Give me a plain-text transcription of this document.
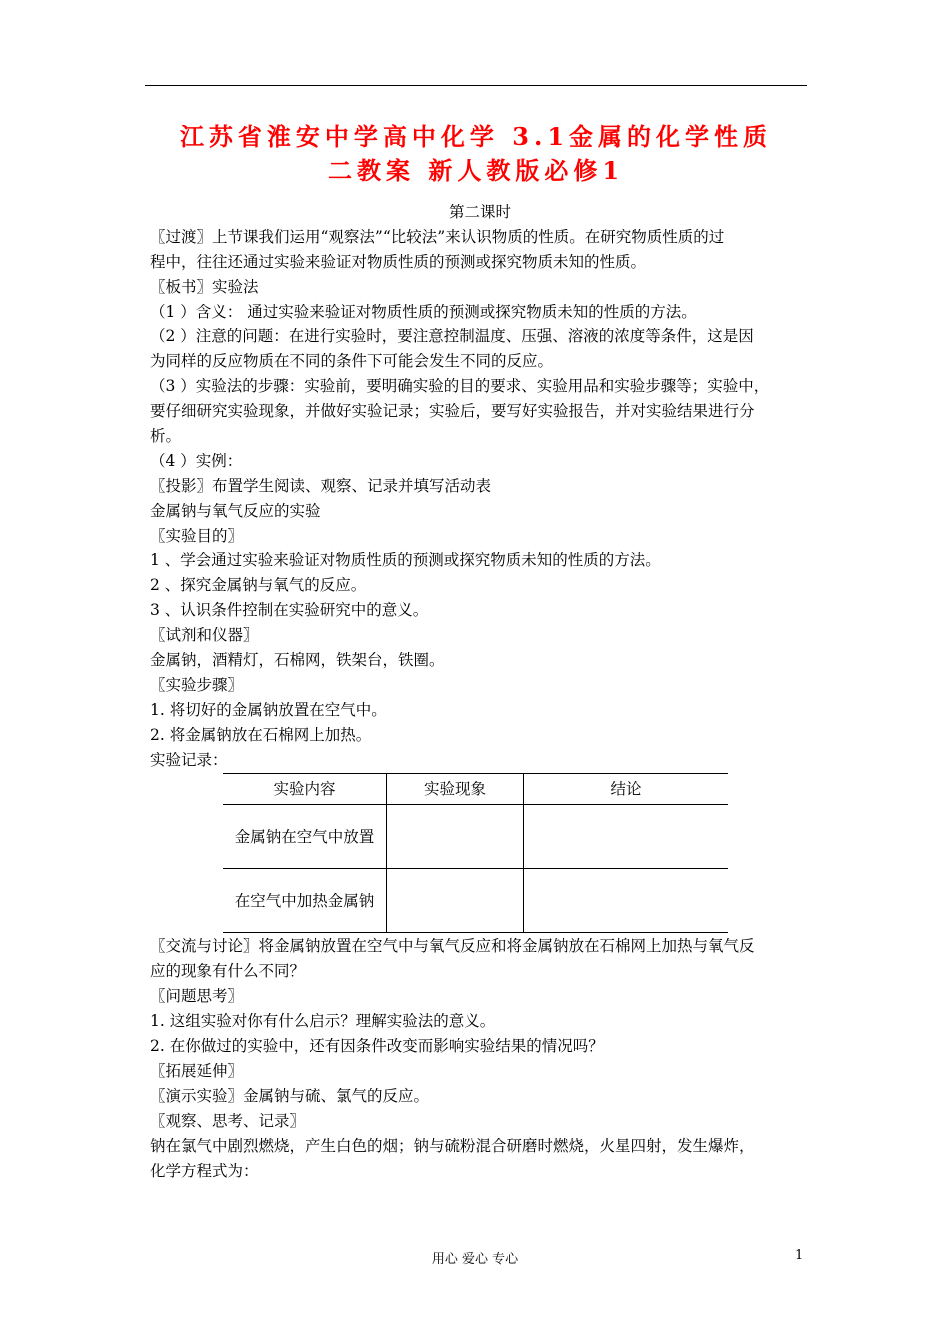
江苏省淮安中学高中化学 3.1金属的化学性质
二教案 新人教版必修1
第二课时
〖过渡〗上节课我们运用“观察法”“比较法”来认识物质的性质。在研究物质性质的过
程中，往往还通过实验来验证对物质性质的预测或探究物质未知的性质。
〖板书〗实验法
（1 ）含义： 通过实验来验证对物质性质的预测或探究物质未知的性质的方法。
（2 ）注意的问题：在进行实验时，要注意控制温度、压强、溶液的浓度等条件，这是因
为同样的反应物质在不同的条件下可能会发生不同的反应。
（3 ）实验法的步骤：实验前，要明确实验的目的要求、实验用品和实验步骤等；实验中，
要仔细研究实验现象，并做好实验记录；实验后，要写好实验报告，并对实验结果进行分
析。
（4 ）实例：
〖投影〗布置学生阅读、观察、记录并填写活动表
金属钠与氧气反应的实验
〖实验目的〗
1 、学会通过实验来验证对物质性质的预测或探究物质未知的性质的方法。
2 、探究金属钠与氧气的反应。
3 、认识条件控制在实验研究中的意义。
〖试剂和仪器〗
金属钠，酒精灯，石棉网，铁架台，铁圈。
〖实验步骤〗
1. 将切好的金属钠放置在空气中。
2. 将金属钠放在石棉网上加热。
实验记录：
实验内容	实验现象	结论
金属钠在空气中放置		
在空气中加热金属钠		
〖交流与讨论〗将金属钠放置在空气中与氧气反应和将金属钠放在石棉网上加热与氧气反
应的现象有什么不同？
〖问题思考〗
1. 这组实验对你有什么启示？理解实验法的意义。
2. 在你做过的实验中，还有因条件改变而影响实验结果的情况吗？
〖拓展延伸〗
〖演示实验〗金属钠与硫、氯气的反应。
〖观察、思考、记录〗
钠在氯气中剧烈燃烧，产生白色的烟；钠与硫粉混合研磨时燃烧，火星四射，发生爆炸，
化学方程式为：
用心 爱心 专心	1
